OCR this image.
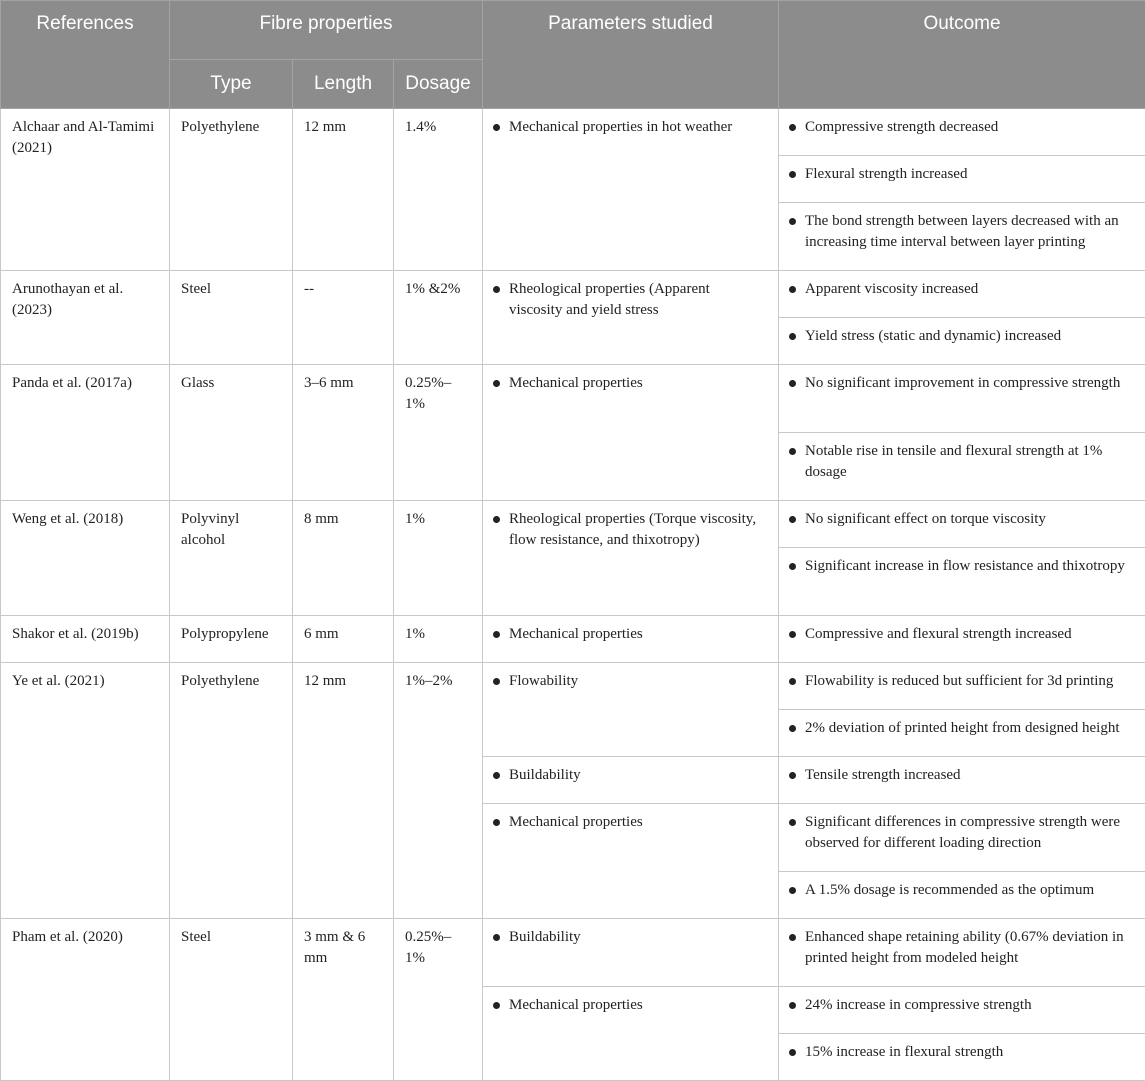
References	Fibre properties			Parameters studied	Outcome
	Type	Length	Dosage		
Alchaar and Al-Tamimi (2021)	Polyethylene	12 mm	1.4%	Mechanical properties in hot weather	Compressive strength decreased

					Flexural strength increased

					The bond strength between layers decreased with an increasing time interval between layer printing

Arunothayan et al. (2023)	Steel	--	1% &2%	Rheological properties (Apparent viscosity and yield stress	Apparent viscosity increased

					Yield stress (static and dynamic) increased

Panda et al. (2017a)	Glass	3–6 mm	0.25%–1%	Mechanical properties	No significant improvement in compressive strength

					Notable rise in tensile and flexural strength at 1% dosage

Weng et al. (2018)	Polyvinyl alcohol	8 mm	1%	Rheological properties (Torque viscosity, flow resistance, and thixotropy)	No significant effect on torque viscosity

					Significant increase in flow resistance and thixotropy

Shakor et al. (2019b)	Polypropylene	6 mm	1%	Mechanical properties	Compressive and flexural strength increased

Ye et al. (2021)	Polyethylene	12 mm	1%–2%	Flowability	Flowability is reduced but sufficient for 3d printing

					2% deviation of printed height from designed height

				Buildability	Tensile strength increased

				Mechanical properties	Significant differences in compressive strength were observed for different loading direction

					A 1.5% dosage is recommended as the optimum

Pham et al. (2020)	Steel	3 mm & 6 mm	0.25%–1%	Buildability	Enhanced shape retaining ability (0.67% deviation in printed height from modeled height

				Mechanical properties	24% increase in compressive strength

					15% increase in flexural strength
